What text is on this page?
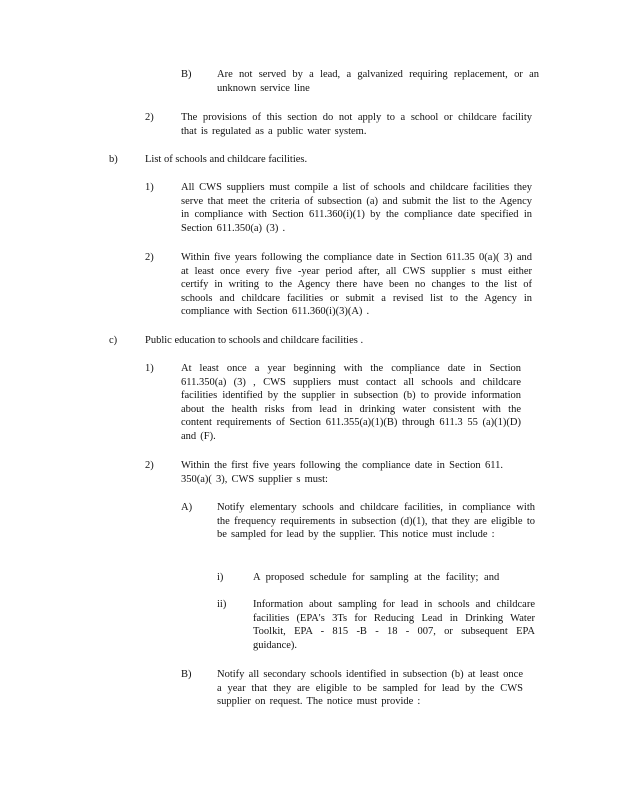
B) Are not served by a lead, a galvanized requiring replacement, or an unknown service line
2)	The provisions of this section do not apply to a school or childcare facility that is regulated as a public water system.
b)	List of schools and childcare facilities.
1)	All CWS suppliers must compile a list of schools and childcare facilities they serve that meet the criteria of subsection (a) and submit the list to the Agency in compliance with Section 611.360(i)(1) by the compliance date specified in Section 611.350(a) (3) .
2)	Within five years following the compliance date in Section 611.35 0(a)( 3) and at least once every five -year period after, all CWS supplier s must either certify in writing to the Agency there have been no changes to the list of schools and childcare facilities or submit a revised list to the Agency in compliance with Section 611.360(i)(3)(A) .
c)	Public education to schools and childcare facilities .
1)	At least once a year beginning with the compliance date in Section 611.350(a) (3) , CWS suppliers must contact all schools and childcare facilities identified by the supplier in subsection (b) to provide information about the health risks from lead in drinking water consistent with the content requirements of Section 611.355(a)(1)(B) through 611.3 55 (a)(1)(D) and (F).
2)	Within the first five years following the compliance date in Section 611. 350(a)( 3), CWS supplier s must:
A) Notify elementary schools and childcare facilities, in compliance with the frequency requirements in subsection (d)(1), that they are eligible to be sampled for lead by the supplier. This notice must include :
i)	A proposed schedule for sampling at the facility; and
ii)	Information about sampling for lead in schools and childcare facilities (EPA's 3Ts for Reducing Lead in Drinking Water Toolkit, EPA - 815 -B - 18 - 007, or subsequent EPA guidance).
B) Notify all secondary schools identified in subsection (b) at least once a year that they are eligible to be sampled for lead by the CWS supplier on request. The notice must provide :
